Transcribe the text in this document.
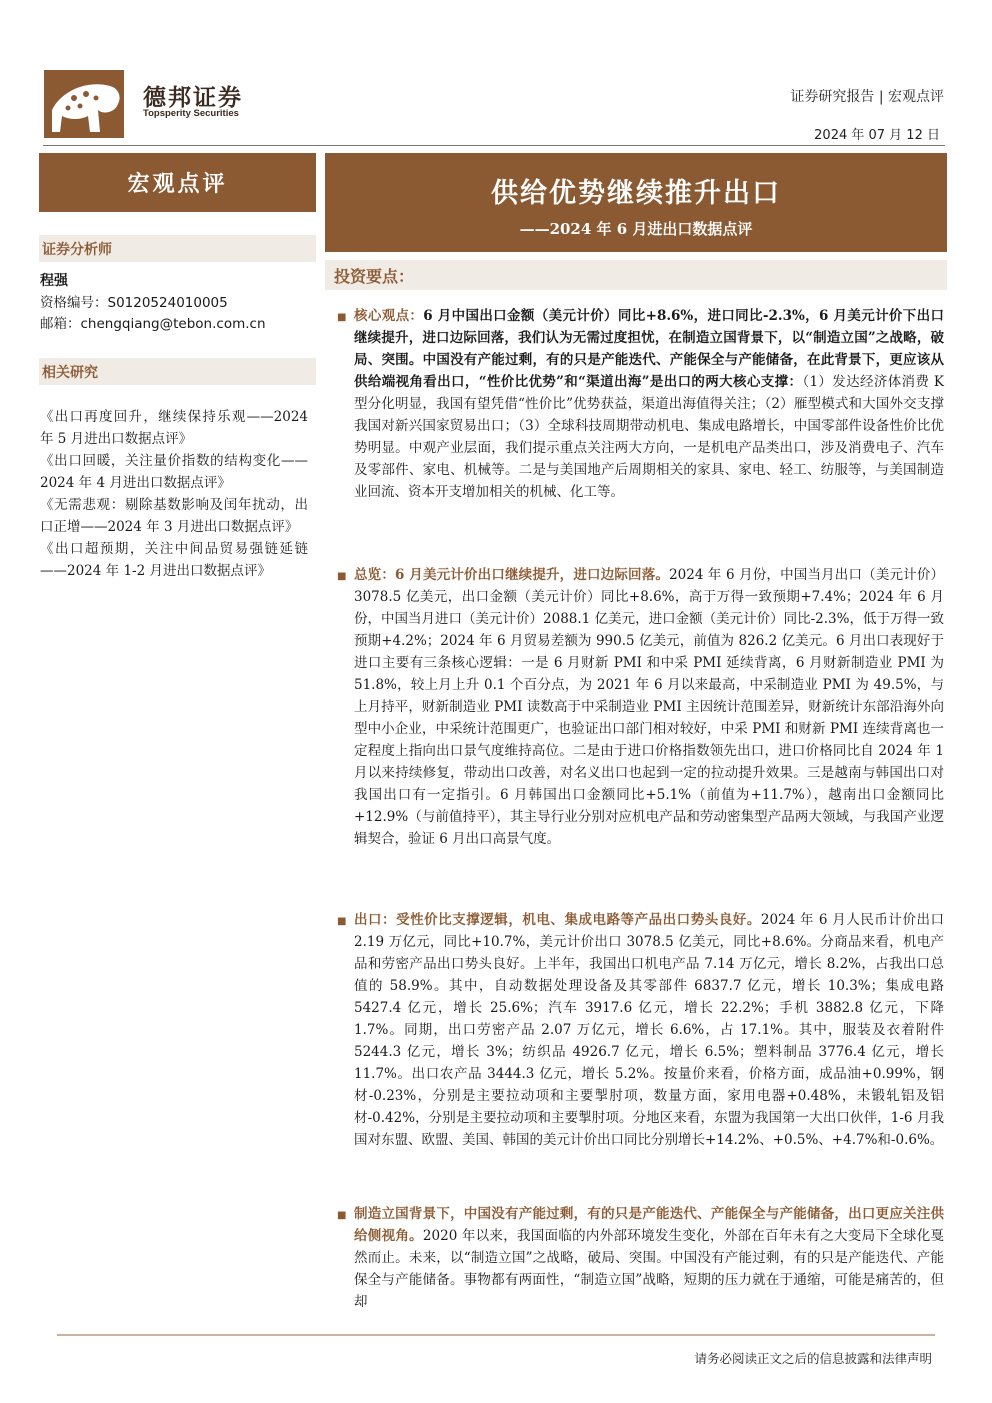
德邦证券
Topsperity Securities
证券研究报告 | 宏观点评
2024 年 07 月 12 日
宏观点评
证券分析师
程强
资格编号：S0120524010005
邮箱：chengqiang@tebon.com.cn
相关研究

《出口再度回升，继续保持乐观——2024 年 5 月进出口数据点评》

《出口回暖，关注量价指数的结构变化——2024 年 4 月进出口数据点评》

《无需悲观：剔除基数影响及闰年扰动，出口正增——2024 年 3 月进出口数据点评》

《出口超预期，关注中间品贸易强链延链——2024 年 1-2 月进出口数据点评》

供给优势继续推升出口
——2024 年 6 月进出口数据点评
投资要点：
■ 核心观点：6 月中国出口金额（美元计价）同比+8.6%，进口同比-2.3%，6 月美元计价下出口继续提升，进口边际回落，我们认为无需过度担忧，在制造立国背景下，以“制造立国”之战略，破局、突围。中国没有产能过剩，有的只是产能迭代、产能保全与产能储备，在此背景下，更应该从供给端视角看出口，“性价比优势”和“渠道出海”是出口的两大核心支撑：（1）发达经济体消费 K 型分化明显，我国有望凭借“性价比”优势获益，渠道出海值得关注；（2）雁型模式和大国外交支撑我国对新兴国家贸易出口；（3）全球科技周期带动机电、集成电路增长，中国零部件设备性价比优势明显。中观产业层面，我们提示重点关注两大方向，一是机电产品类出口，涉及消费电子、汽车及零部件、家电、机械等。二是与美国地产后周期相关的家具、家电、轻工、纺服等，与美国制造业回流、资本开支增加相关的机械、化工等。
■ 总览：6 月美元计价出口继续提升，进口边际回落。2024 年 6 月份，中国当月出口（美元计价）3078.5 亿美元，出口金额（美元计价）同比+8.6%，高于万得一致预期+7.4%；2024 年 6 月份，中国当月进口（美元计价）2088.1 亿美元，进口金额（美元计价）同比-2.3%，低于万得一致预期+4.2%；2024 年 6 月贸易差额为 990.5 亿美元，前值为 826.2 亿美元。6 月出口表现好于进口主要有三条核心逻辑：一是 6 月财新 PMI 和中采 PMI 延续背离，6 月财新制造业 PMI 为 51.8%，较上月上升 0.1 个百分点，为 2021 年 6 月以来最高，中采制造业 PMI 为 49.5%，与上月持平，财新制造业 PMI 读数高于中采制造业 PMI 主因统计范围差异，财新统计东部沿海外向型中小企业，中采统计范围更广，也验证出口部门相对较好，中采 PMI 和财新 PMI 连续背离也一定程度上指向出口景气度维持高位。二是由于进口价格指数领先出口，进口价格同比自 2024 年 1 月以来持续修复，带动出口改善，对名义出口也起到一定的拉动提升效果。三是越南与韩国出口对我国出口有一定指引。6 月韩国出口金额同比+5.1%（前值为+11.7%），越南出口金额同比+12.9%（与前值持平），其主导行业分别对应机电产品和劳动密集型产品两大领域，与我国产业逻辑契合，验证 6 月出口高景气度。
■ 出口：受性价比支撑逻辑，机电、集成电路等产品出口势头良好。2024 年 6 月人民币计价出口 2.19 万亿元，同比+10.7%，美元计价出口 3078.5 亿美元，同比+8.6%。分商品来看，机电产品和劳密产品出口势头良好。上半年，我国出口机电产品 7.14 万亿元，增长 8.2%，占我出口总值的 58.9%。其中，自动数据处理设备及其零部件 6837.7 亿元，增长 10.3%；集成电路 5427.4 亿元，增长 25.6%；汽车 3917.6 亿元，增长 22.2%；手机 3882.8 亿元，下降 1.7%。同期，出口劳密产品 2.07 万亿元，增长 6.6%，占 17.1%。其中，服装及衣着附件 5244.3 亿元，增长 3%；纺织品 4926.7 亿元，增长 6.5%；塑料制品 3776.4 亿元，增长 11.7%。出口农产品 3444.3 亿元，增长 5.2%。按量价来看，价格方面，成品油+0.99%，钢材-0.23%，分别是主要拉动项和主要掣肘项，数量方面，家用电器+0.48%，未锻轧铝及铝材-0.42%，分别是主要拉动项和主要掣肘项。分地区来看，东盟为我国第一大出口伙伴，1-6 月我国对东盟、欧盟、美国、韩国的美元计价出口同比分别增长+14.2%、+0.5%、+4.7%和-0.6%。
■ 制造立国背景下，中国没有产能过剩，有的只是产能迭代、产能保全与产能储备，出口更应关注供给侧视角。2020 年以来，我国面临的内外部环境发生变化，外部在百年未有之大变局下全球化戛然而止。未来，以“制造立国”之战略，破局、突围。中国没有产能过剩，有的只是产能迭代、产能保全与产能储备。事物都有两面性，“制造立国”战略，短期的压力就在于通缩，可能是痛苦的，但却
请务必阅读正文之后的信息披露和法律声明
